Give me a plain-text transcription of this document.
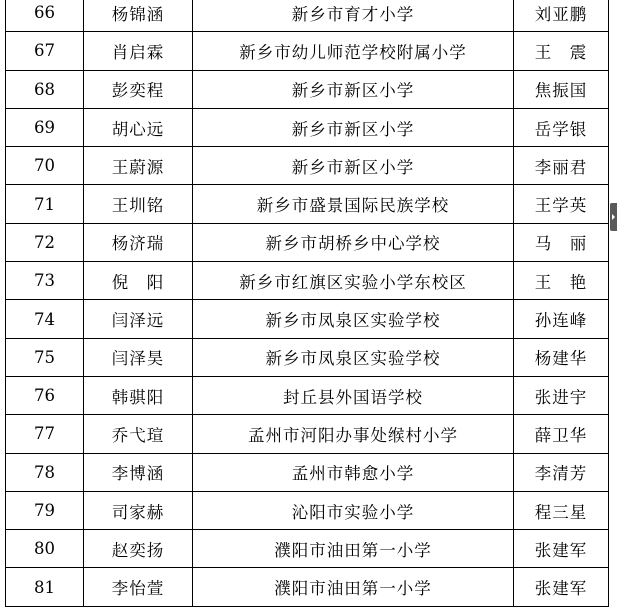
66	杨锦涵	新乡市育才小学	刘亚鹏
67	肖启霖	新乡市幼儿师范学校附属小学	王　震
68	彭奕程	新乡市新区小学	焦振国
69	胡心远	新乡市新区小学	岳学银
70	王蔚源	新乡市新区小学	李丽君
71	王圳铭	新乡市盛景国际民族学校	王学英
72	杨济瑞	新乡市胡桥乡中心学校	马　丽
73	倪　阳	新乡市红旗区实验小学东校区	王　艳
74	闫泽远	新乡市凤泉区实验学校	孙连峰
75	闫泽昊	新乡市凤泉区实验学校	杨建华
76	韩骐阳	封丘县外国语学校	张进宇
77	乔弋瑄	孟州市河阳办事处缑村小学	薛卫华
78	李博涵	孟州市韩愈小学	李清芳
79	司家赫	沁阳市实验小学	程三星
80	赵奕扬	濮阳市油田第一小学	张建军
81	李怡萱	濮阳市油田第一小学	张建军
